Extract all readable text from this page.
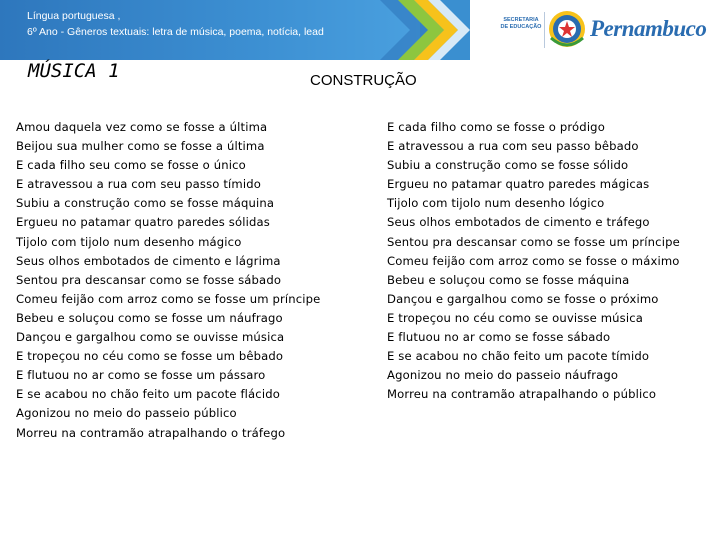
Língua portuguesa ,
6º Ano - Gêneros textuais: letra de música, poema, notícia, lead
SECRETARIA
DE EDUCAÇÃO Pernambuco
MÚSICA 1	CONSTRUÇÃO
Amou daquela vez como se fosse a última
Beijou sua mulher como se fosse a última
E cada filho seu como se fosse o único
E atravessou a rua com seu passo tímido
Subiu a construção como se fosse máquina
Ergueu no patamar quatro paredes sólidas
Tijolo com tijolo num desenho mágico
Seus olhos embotados de cimento e lágrima
Sentou pra descansar como se fosse sábado
Comeu feijão com arroz como se fosse um príncipe
Bebeu e soluçou como se fosse um náufrago
Dançou e gargalhou como se ouvisse música
E tropeçou no céu como se fosse um bêbado
E flutuou no ar como se fosse um pássaro
E se acabou no chão feito um pacote flácido
Agonizou no meio do passeio público
Morreu na contramão atrapalhando o tráfego
E cada filho como se fosse o pródigo
E atravessou a rua com seu passo bêbado
Subiu a construção como se fosse sólido
Ergueu no patamar quatro paredes mágicas
Tijolo com tijolo num desenho lógico
Seus olhos embotados de cimento e tráfego
Sentou pra descansar como se fosse um príncipe
Comeu feijão com arroz como se fosse o máximo
Bebeu e soluçou como se fosse máquina
Dançou e gargalhou como se fosse o próximo
E tropeçou no céu como se ouvisse música
E flutuou no ar como se fosse sábado
E se acabou no chão feito um pacote tímido
Agonizou no meio do passeio náufrago
Morreu na contramão atrapalhando o público
